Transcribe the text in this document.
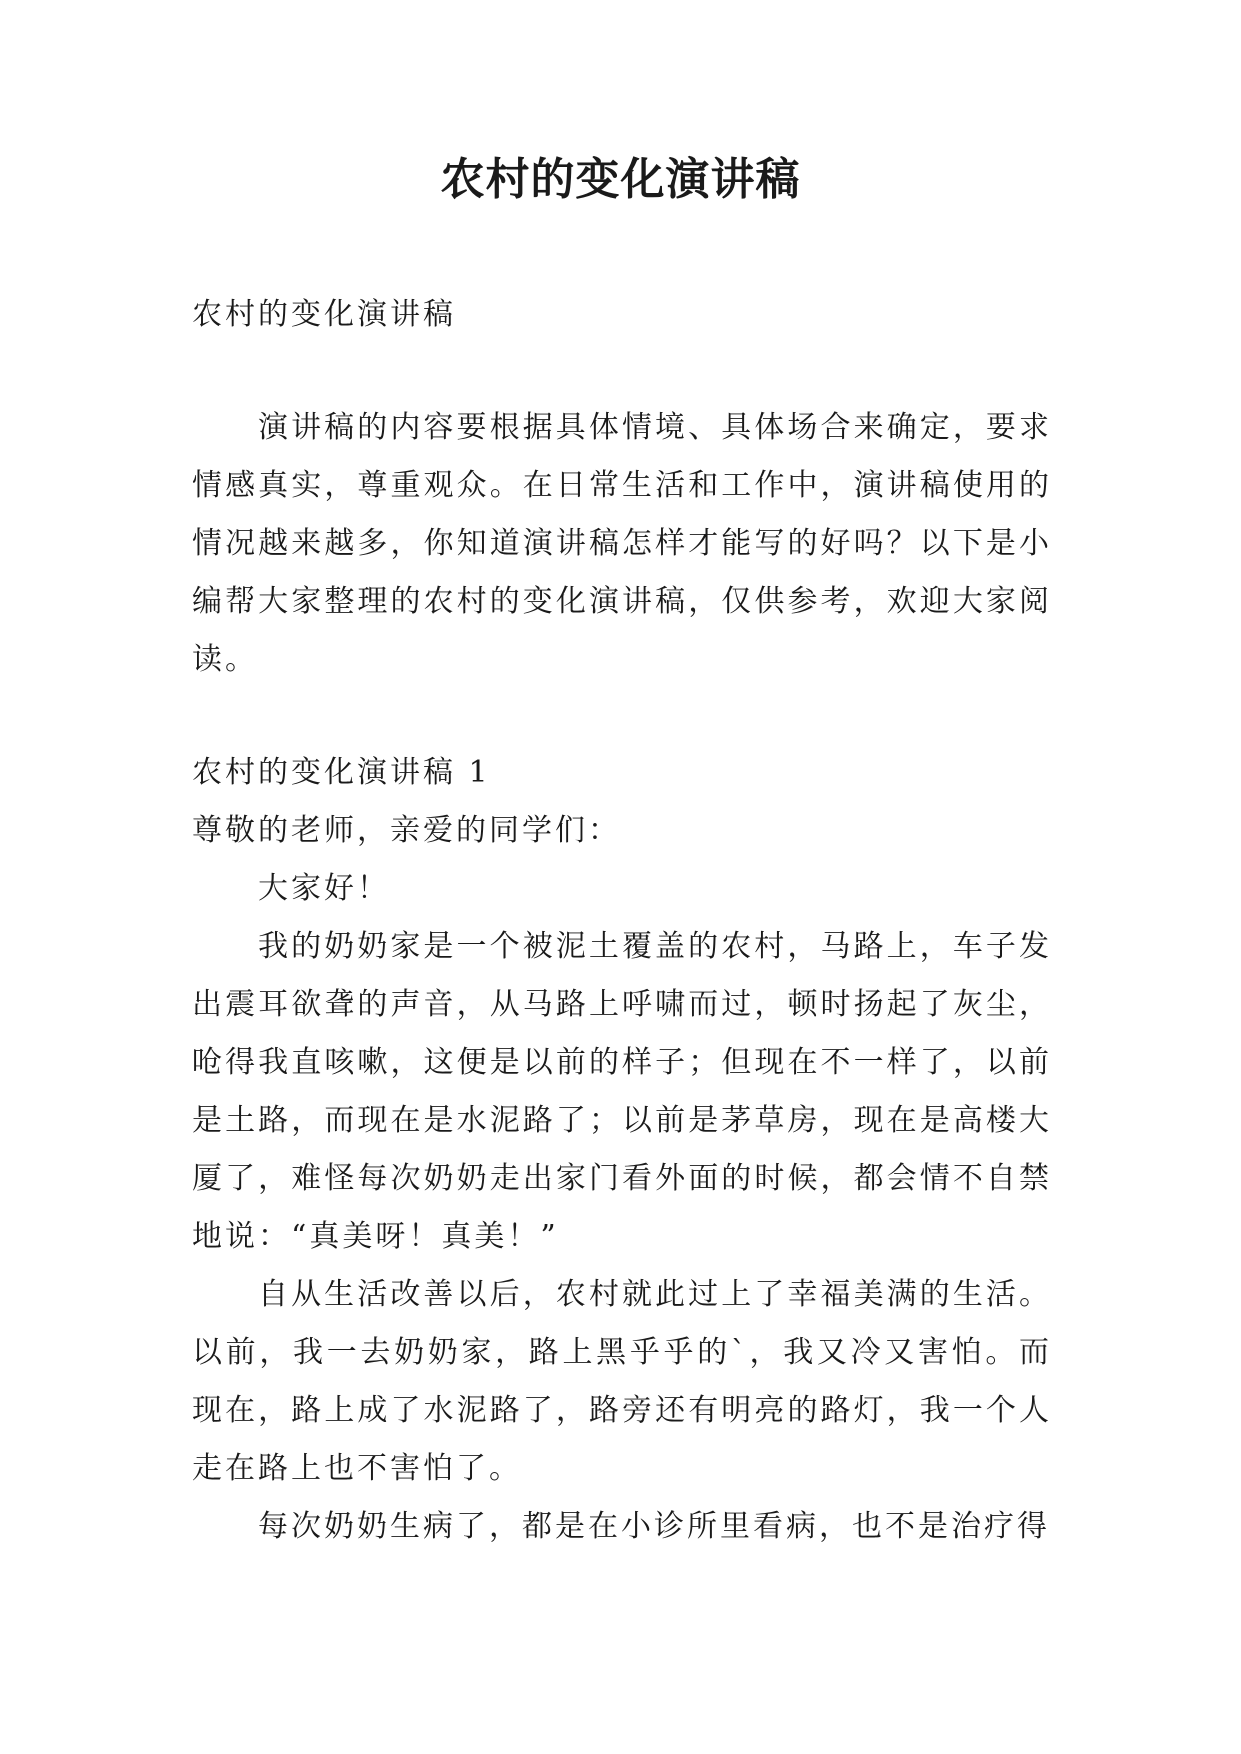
农村的变化演讲稿

农村的变化演讲稿

演讲稿的内容要根据具体情境、具体场合来确定，要求情感真实，尊重观众。在日常生活和工作中，演讲稿使用的情况越来越多，你知道演讲稿怎样才能写的好吗？以下是小编帮大家整理的农村的变化演讲稿，仅供参考，欢迎大家阅读。

农村的变化演讲稿 1

尊敬的老师，亲爱的同学们：

大家好！

我的奶奶家是一个被泥土覆盖的农村，马路上，车子发出震耳欲聋的声音，从马路上呼啸而过，顿时扬起了灰尘，呛得我直咳嗽，这便是以前的样子；但现在不一样了，以前是土路，而现在是水泥路了；以前是茅草房，现在是高楼大厦了，难怪每次奶奶走出家门看外面的时候，都会情不自禁地说：“真美呀！真美！”

自从生活改善以后，农村就此过上了幸福美满的生活。以前，我一去奶奶家，路上黑乎乎的`，我又冷又害怕。而现在，路上成了水泥路了，路旁还有明亮的路灯，我一个人走在路上也不害怕了。

每次奶奶生病了，都是在小诊所里看病，也不是治疗得
